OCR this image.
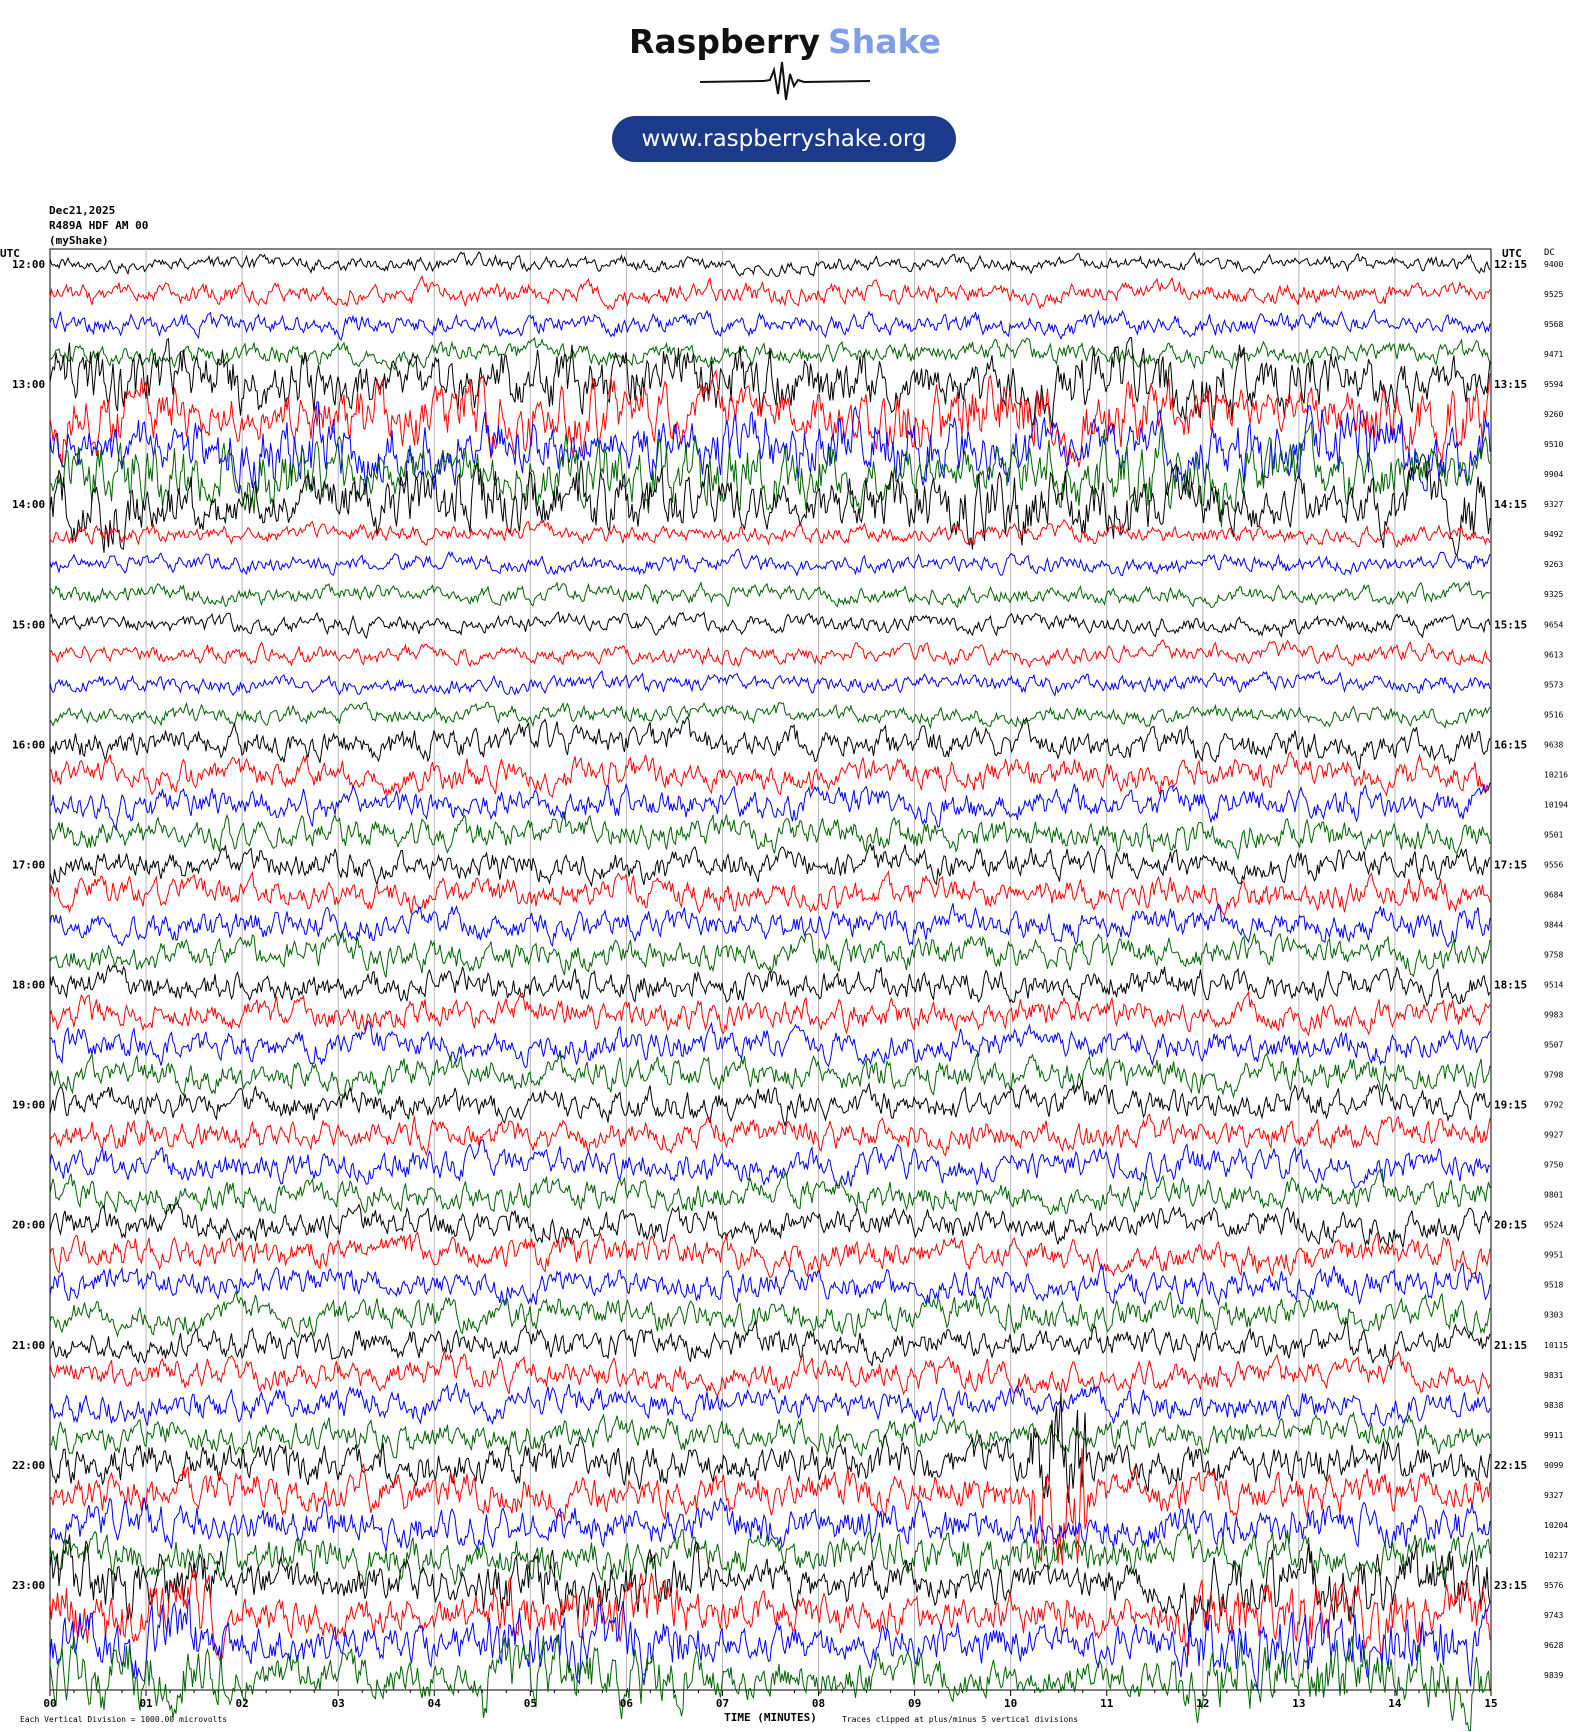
Raspberry Shake
www.raspberryshake.org
Dec21,2025
R489A HDF AM 00
(myShake)
UTC	UTC DC
12:00
13:00
14:00
15:00
16:00
17:00
18:00
19:00
20:00
21:00
22:00
23:00
12:15
13:15
14:15
15:15
16:15
17:15
18:15
19:15
20:15
21:15
22:15
23:15
9400
9525
9568
9471
9594
9260
9510
9904
9327
9492
9263
9325
9654
9613
9573
9516
9638
10216
10194
9501
9556
9684
9844
9758
9514
9983
9507
9798
9792
9927
9750
9801
9524
9951
9518
9303
10115
9831
9838
9911
9099
9327
10204
10217
9576
9743
9628
9839
00	01	02	03	04	05	06	07	08	09	10	11	12	13	14	15
Each Vertical Division = 1000.00 microvolts	TIME (MINUTES)	Traces clipped at plus/minus 5 vertical divisions
